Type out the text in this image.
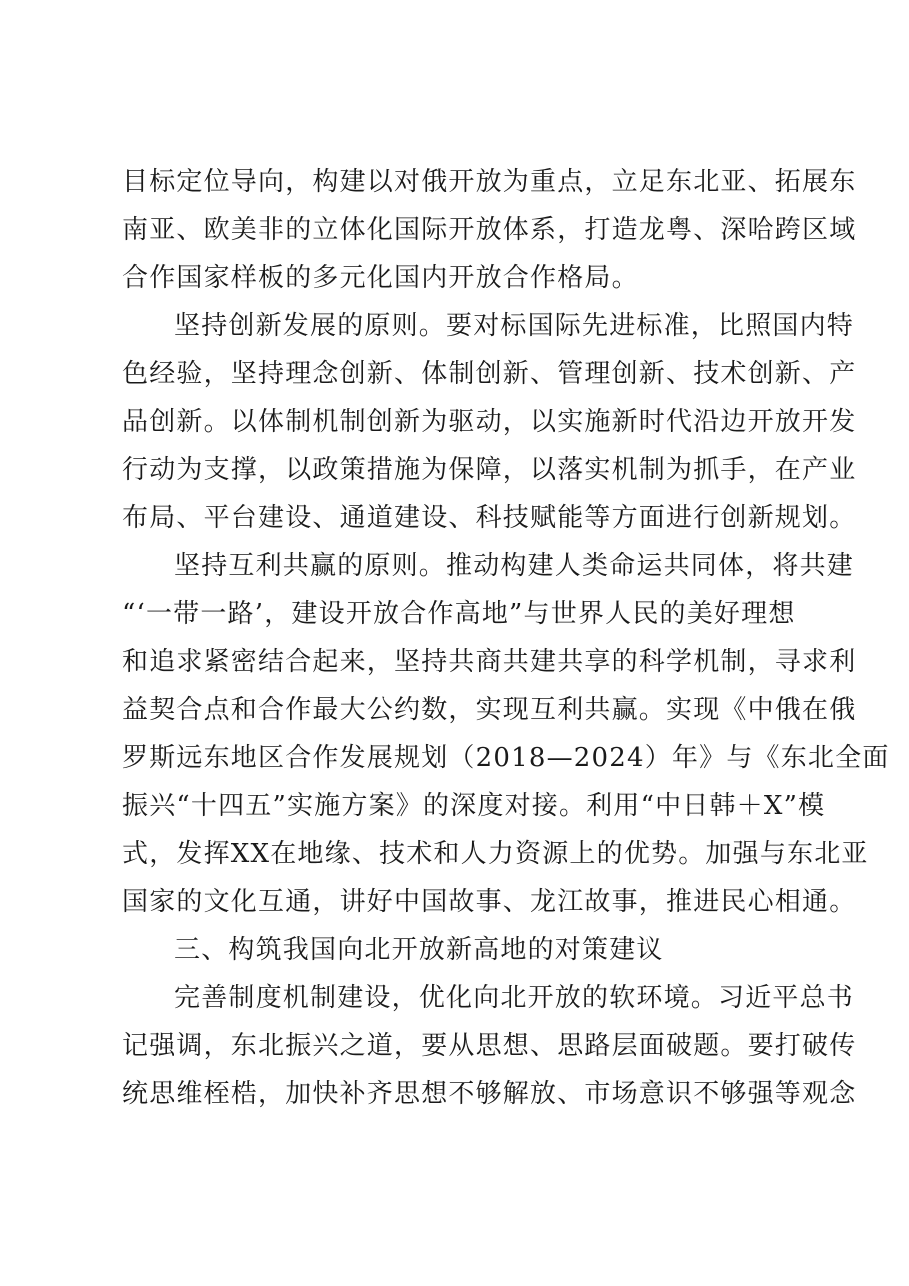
目标定位导向，构建以对俄开放为重点，立足东北亚、拓展东
南亚、欧美非的立体化国际开放体系，打造龙粤、深哈跨区域
合作国家样板的多元化国内开放合作格局。
坚持创新发展的原则。要对标国际先进标准，比照国内特
色经验，坚持理念创新、体制创新、管理创新、技术创新、产
品创新。以体制机制创新为驱动，以实施新时代沿边开放开发
行动为支撑，以政策措施为保障，以落实机制为抓手，在产业
布局、平台建设、通道建设、科技赋能等方面进行创新规划。
坚持互利共赢的原则。推动构建人类命运共同体，将共建
“‘一带一路’，建设开放合作高地”与世界人民的美好理想
和追求紧密结合起来，坚持共商共建共享的科学机制，寻求利
益契合点和合作最大公约数，实现互利共赢。实现《中俄在俄
罗斯远东地区合作发展规划（2018—2024）年》与《东北全面
振兴“十四五”实施方案》的深度对接。利用“中日韩＋X”模
式，发挥XX在地缘、技术和人力资源上的优势。加强与东北亚
国家的文化互通，讲好中国故事、龙江故事，推进民心相通。
三、构筑我国向北开放新高地的对策建议
完善制度机制建设，优化向北开放的软环境。习近平总书
记强调，东北振兴之道，要从思想、思路层面破题。要打破传
统思维桎梏，加快补齐思想不够解放、市场意识不够强等观念
